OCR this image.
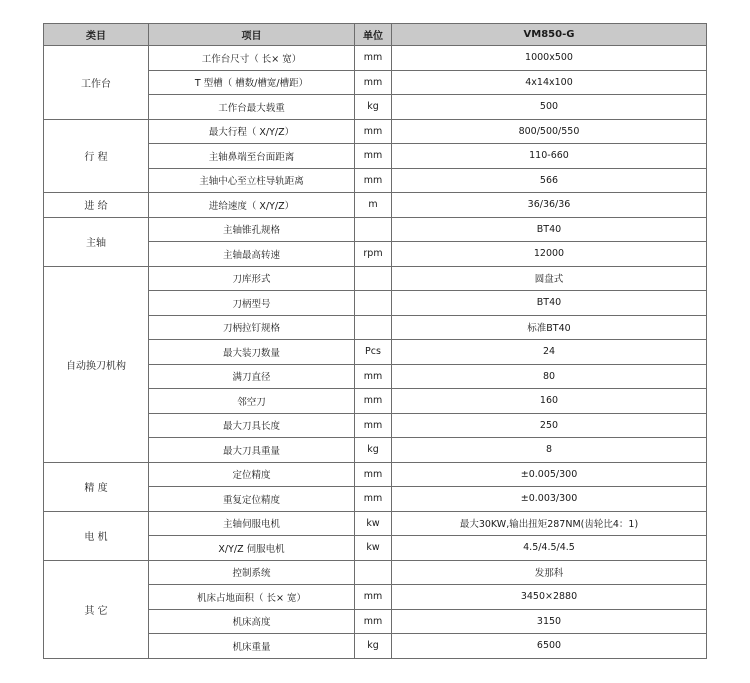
类目	项目	单位	VM850-G
工作台	工作台尺寸（ 长× 宽）	mm	1000x500
	T 型槽（ 槽数/槽宽/槽距）	mm	4x14x100
	工作台最大载重	kg	500
行 程	最大行程（ X/Y/Z）	mm	800/500/550
	主轴鼻端至台面距离	mm	110-660
	主轴中心至立柱导轨距离	mm	566
进 给	进给速度（ X/Y/Z）	m	36/36/36
主轴	主轴锥孔规格		BT40
	主轴最高转速	rpm	12000
自动换刀机构	刀库形式		圆盘式
	刀柄型号		BT40
	刀柄拉钉规格		标准BT40
	最大装刀数量	Pcs	24
	满刀直径	mm	80
	邻空刀	mm	160
	最大刀具长度	mm	250
	最大刀具重量	kg	8
精 度	定位精度	mm	±0.005/300
	重复定位精度	mm	±0.003/300
电 机	主轴伺服电机	kw	最大30KW,输出扭矩287NM(齿轮比4：1)
	X/Y/Z 伺服电机	kw	4.5/4.5/4.5
其 它	控制系统		发那科
	机床占地面积（ 长× 宽）	mm	3450×2880
	机床高度	mm	3150
	机床重量	kg	6500
